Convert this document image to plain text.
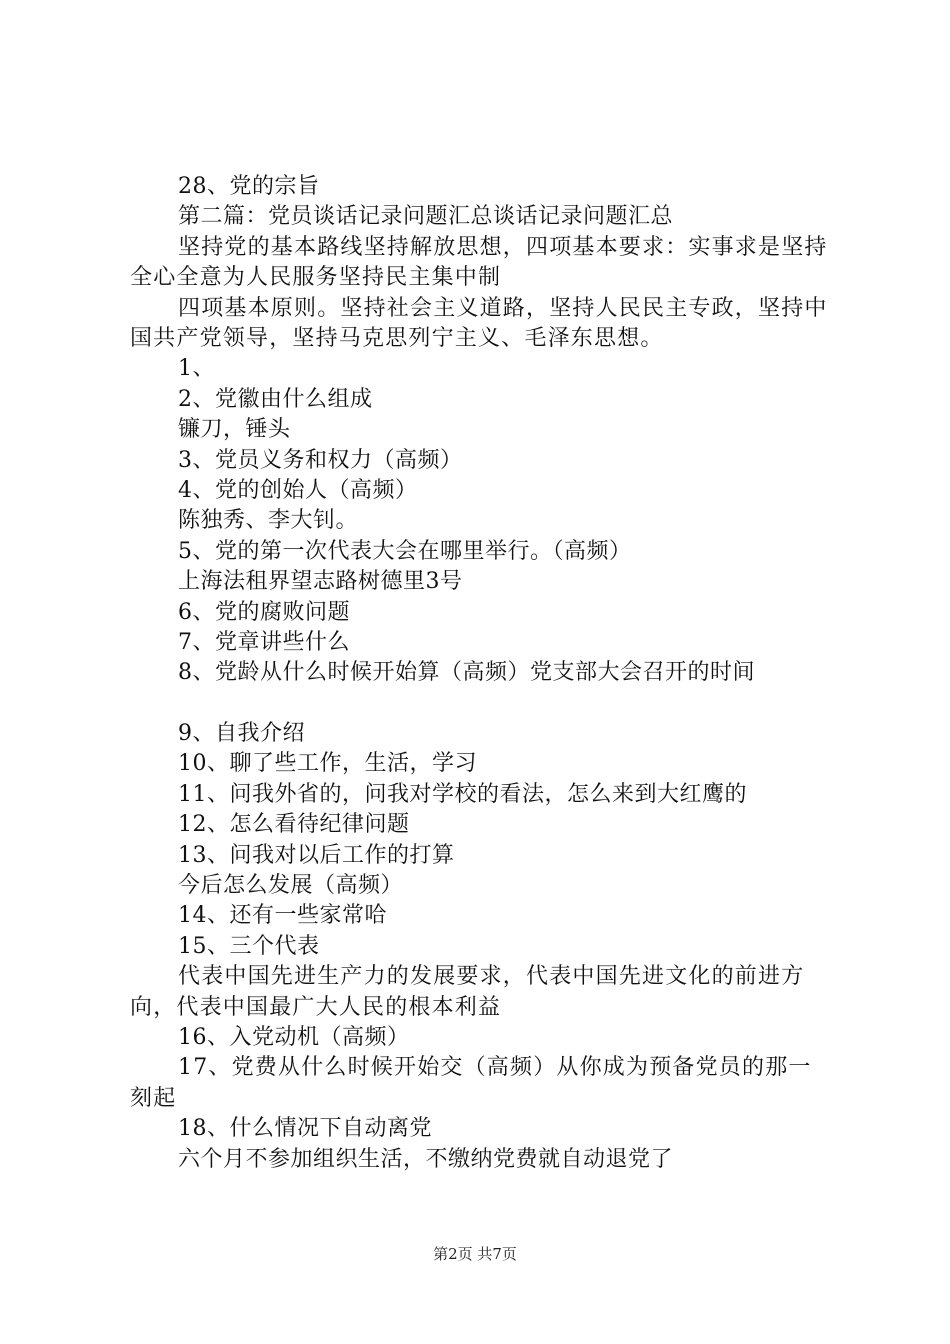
28、党的宗旨
第二篇：党员谈话记录问题汇总谈话记录问题汇总
坚持党的基本路线坚持解放思想，四项基本要求：实事求是坚持全心全意为人民服务坚持民主集中制
四项基本原则。坚持社会主义道路，坚持人民民主专政，坚持中国共产党领导，坚持马克思列宁主义、毛泽东思想。
1、
2、党徽由什么组成
镰刀，锤头
3、党员义务和权力（高频）
4、党的创始人（高频）
陈独秀、李大钊。
5、党的第一次代表大会在哪里举行。（高频）
上海法租界望志路树德里3号
6、党的腐败问题
7、党章讲些什么
8、党龄从什么时候开始算（高频）党支部大会召开的时间
9、自我介绍
10、聊了些工作，生活，学习
11、问我外省的，问我对学校的看法，怎么来到大红鹰的
12、怎么看待纪律问题
13、问我对以后工作的打算
今后怎么发展（高频）
14、还有一些家常哈
15、三个代表
代表中国先进生产力的发展要求，代表中国先进文化的前进方向，代表中国最广大人民的根本利益
16、入党动机（高频）
17、党费从什么时候开始交（高频）从你成为预备党员的那一刻起
18、什么情况下自动离党
六个月不参加组织生活，不缴纳党费就自动退党了
第2页 共7页
